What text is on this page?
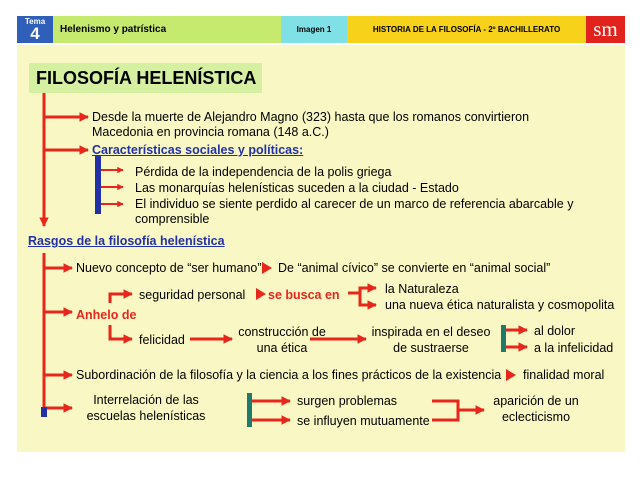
Tema
4	Helenismo y patrística	Imagen 1	HISTORIA DE LA FILOSOFÍA - 2º BACHILLERATO	sm
FILOSOFÍA HELENÍSTICA
Desde la muerte de Alejandro Magno (323) hasta que los romanos convirtieron
Macedonia en provincia romana (148 a.C.)
Características sociales y políticas:
Pérdida de la independencia de la polis griega
Las monarquías helenísticas suceden a la ciudad - Estado
El individuo se siente perdido al carecer de un marco de referencia abarcable y
comprensible
Rasgos de la filosofía helenística
Nuevo concepto de “ser humano” De “animal cívico” se convierte en “animal social”
Anhelo de
seguridad personal se busca en	la Naturaleza
una nueva ética naturalista y cosmopolita
felicidad
construcción de
una ética
inspirada en el deseo
de sustraerse
al dolor
a la infelicidad
Subordinación de la filosofía y la ciencia a los fines prácticos de la existencia finalidad moral
Interrelación de las
escuelas helenísticas
surgen problemas
se influyen mutuamente
aparición de un
eclecticismo
